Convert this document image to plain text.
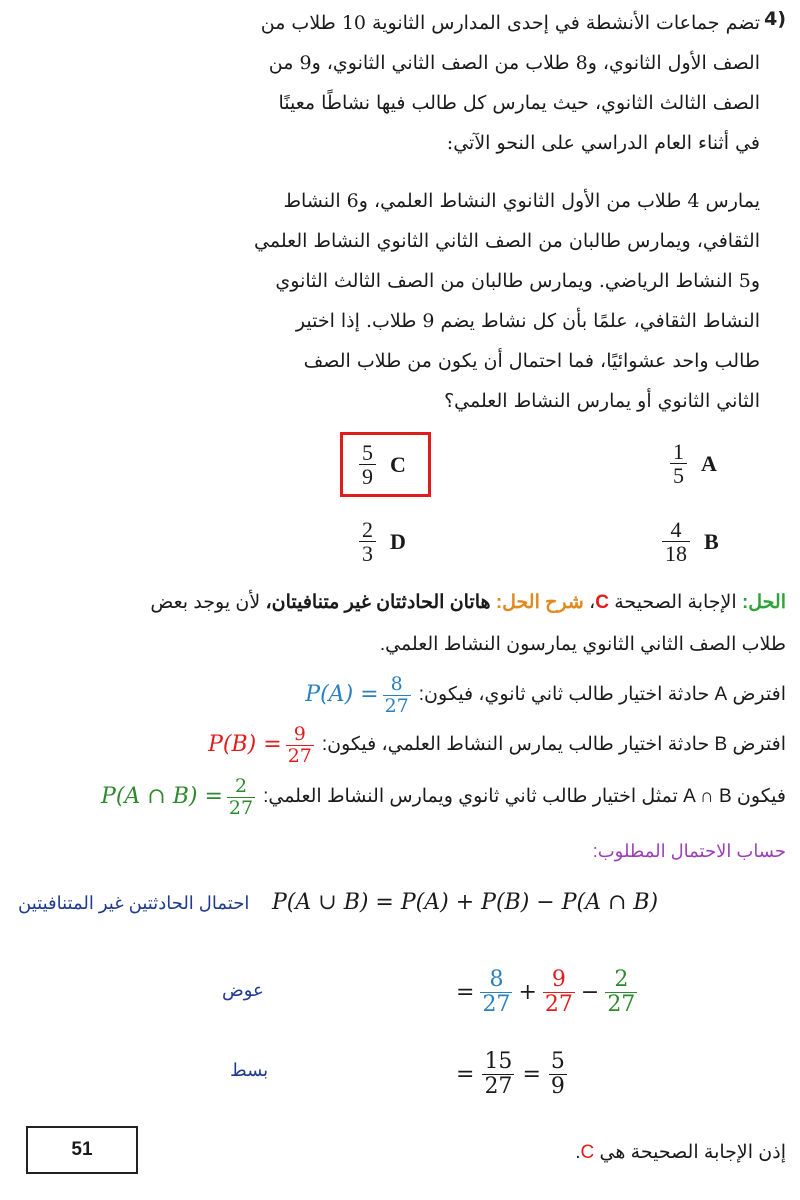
4)
تضم جماعات الأنشطة في إحدى المدارس الثانوية 10 طلاب من
الصف الأول الثانوي، و8 طلاب من الصف الثاني الثانوي، و9 من
الصف الثالث الثانوي، حيث يمارس كل طالب فيها نشاطًا معينًا
في أثناء العام الدراسي على النحو الآتي:
يمارس 4 طلاب من الأول الثانوي النشاط العلمي، و6 النشاط
الثقافي، ويمارس طالبان من الصف الثاني الثانوي النشاط العلمي
و5 النشاط الرياضي. ويمارس طالبان من الصف الثالث الثانوي
النشاط الثقافي، علمًا بأن كل نشاط يضم 9 طلاب. إذا اختير
طالب واحد عشوائيًا، فما احتمال أن يكون من طلاب الصف
الثاني الثانوي أو يمارس النشاط العلمي؟
$\frac{1}{5}$ A
$\frac{4}{18}$ B
$\frac{5}{9}$ C
$\frac{2}{3}$ D
الحل: الإجابة الصحيحة C، شرح الحل: هاتان الحادثتان غير متنافيتان، لأن يوجد بعض
طلاب الصف الثاني الثانوي يمارسون النشاط العلمي.
افترض A حادثة اختيار طالب ثاني ثانوي، فيكون:
$P(A) = \frac{8}{27}$
افترض B حادثة اختيار طالب يمارس النشاط العلمي، فيكون:
$P(B) = \frac{9}{27}$
فيكون A ∩ B تمثل اختيار طالب ثاني ثانوي ويمارس النشاط العلمي:
P(A ∩ $B) = \frac{2}{27}$
حساب الاحتمال المطلوب:
P(A ∪ B) = P(A) + P(B) − P(A ∩ B)
احتمال الحادثتين غير المتنافيتين
= $\frac{8}{27} + \frac{9}{27} - \frac{2}{27}$
عوض
= $\frac{15}{27} = \frac{5}{9}$
بسط
إذن الإجابة الصحيحة هي C.
51
